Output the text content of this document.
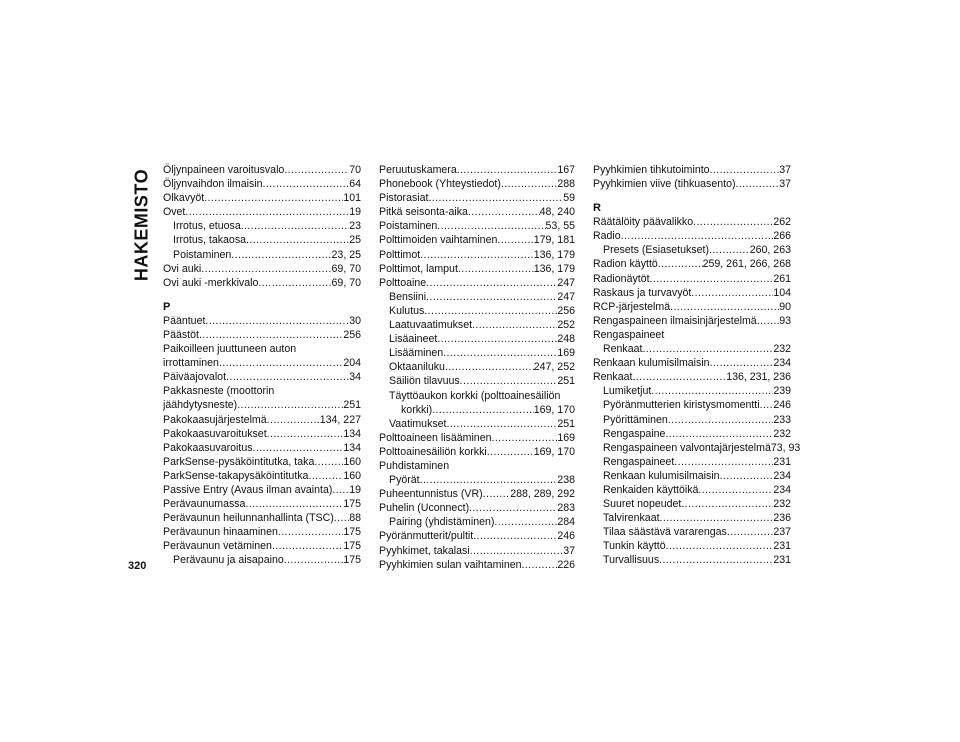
HAKEMISTO Öljynpaineen varoitusvalo .....	70
Öljynvaihdon ilmaisin .....	64
Olkavyöt .....	101
Ovet .....	19
Irrotus, etuosa .....	23
Irrotus, takaosa .....	25
Poistaminen .....	23, 25
Ovi auki .....	69, 70
Ovi auki -merkkivalo .....	69, 70
P
Pääntuet .....	30
Päästöt .....	256
Paikoilleen juuttuneen auton
irrottaminen .....	204
Päiväajovalot .....	34
Pakkasneste (moottorin
jäähdytysneste) .....	251
Pakokaasujärjestelmä .....	134, 227
Pakokaasuvaroitukset .....	134
Pakokaasuvaroitus .....	134
ParkSense-pysäköintitutka, taka .....	160
ParkSense-takapysäköintitutka .....	160
Passive Entry (Avaus ilman avainta) ..... 19
Perävaunumassa .....	175
Perävaunun heilunnanhallinta (TSC) ..... 88
Perävaunun hinaaminen .....	175
Perävaunun vetäminen .....	175
Perävaunu ja aisapaino .....	175
Peruutuskamera .....	167
Phonebook (Yhteystiedot) .....	288
Pistorasiat .....	59
Pitkä seisonta-aika .....	48, 240
Poistaminen .....	53, 55
Polttimoiden vaihtaminen .....	179, 181
Polttimot .....	136, 179
Polttimot, lamput .....	136, 179
Polttoaine .....	247
Bensiini .....	247
Kulutus .....	256
Laatuvaatimukset .....	252
Lisäaineet .....	248
Lisääminen .....	169
Oktaaniluku .....	247, 252
Säiliön tilavuus .....	251
Täyttöaukon korkki (polttoainesäiliön
korkki) .....	169, 170
Vaatimukset .....	251
Polttoaineen lisääminen .....	169
Polttoainesäiliön korkki .....	169, 170
Puhdistaminen
Pyörät .....	238
Puheentunnistus (VR) .....	288, 289, 292
Puhelin (Uconnect) .....	283
Pairing (yhdistäminen) .....	284
Pyöränmutterit/pultit .....	246
Pyyhkimet, takalasi .....	37
Pyyhkimien sulan vaihtaminen .....	226
Pyyhkimien tihkutoiminto .....	37
Pyyhkimien viive (tihkuasento) .....	37
R
Räätälöity päävalikko .....	262
Radio .....	266
Presets (Esiasetukset) .....	260, 263
Radion käyttö .....	259, 261, 266, 268
Radionäytöt .....	261
Raskaus ja turvavyöt .....	104
RCP-järjestelmä .....	90
Rengaspaineen ilmaisinjärjestelmä ..... 93
Rengaspaineet
Renkaat .....	232
Renkaan kulumisilmaisin .....	234
Renkaat .....	136, 231, 236
Lumiketjut .....	239
Pyöränmutterien kiristysmomentti ..... 246
Pyörittäminen .....	233
Rengaspaine .....	232
Rengaspaineen valvontajärjestelmä 73, 93
Rengaspaineet .....	231
Renkaan kulumisilmaisin .....	234
Renkaiden käyttöikä .....	234
Suuret nopeudet .....	232
Talvirenkaat .....	236
Tilaa säästävä vararengas .....	237
Tunkin käyttö .....	231
Turvallisuus .....	231
320
